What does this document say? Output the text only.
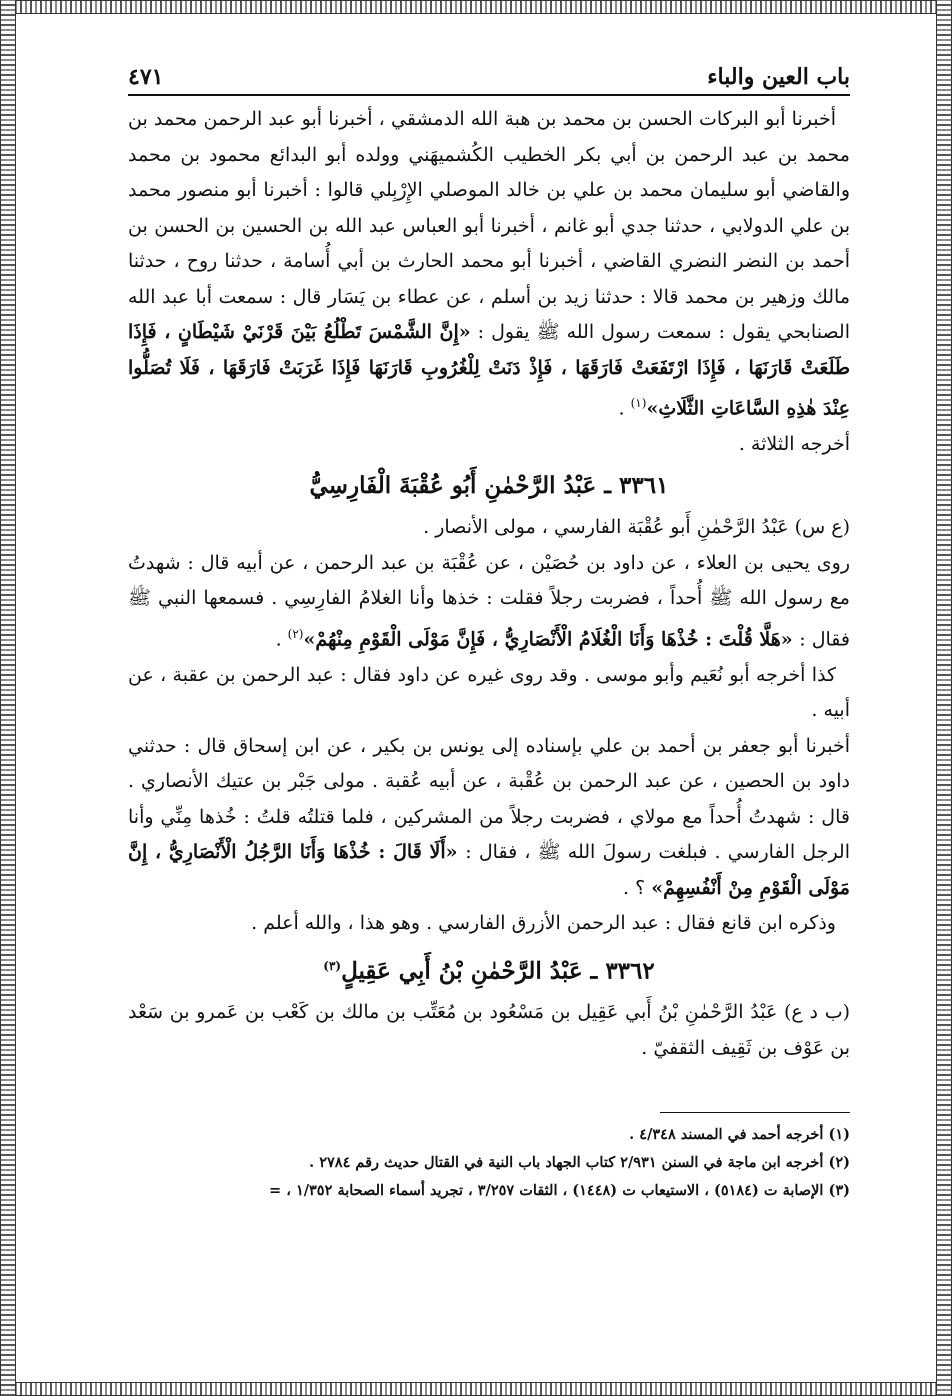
باب العين والباء
٤٧١

أخبرنا أبو البركات الحسن بن محمد بن هبة الله الدمشقي ، أخبرنا أبو عبد الرحمن محمد بن محمد بن عبد الرحمن بن أبي بكر الخطيب الكُشميهَني وولده أبو البدائع محمود بن محمد والقاضي أبو سليمان محمد بن علي بن خالد الموصلي الإِرْبِلي قالوا : أخبرنا أبو منصور محمد بن علي الدولابي ، حدثنا جدي أبو غانم ، أخبرنا أبو العباس عبد الله بن الحسين بن الحسن بن أحمد بن النضر النضري القاضي ، أخبرنا أبو محمد الحارث بن أبي أُسامة ، حدثنا روح ، حدثنا مالك وزهير بن محمد قالا : حدثنا زيد بن أسلم ، عن عطاء بن يَسَار قال : سمعت أبا عبد الله الصنابحي يقول : سمعت رسول الله ﷺ يقول : «إِنَّ الشَّمْسَ تَطْلُعُ بَيْنَ قَرْنَيْ شَيْطَانٍ ، فَإِذَا طَلَعَتْ قَارَنَهَا ، فَإِذَا ارْتَفَعَتْ فَارَقَهَا ، فَإِذْ دَنَتْ لِلْغُرُوبِ قَارَنَهَا فَإِذَا غَرَبَتْ فَارَقَهَا ، فَلَا تُصَلُّوا عِنْدَ هٰذِهِ السَّاعَاتِ الثَّلَاثِ»$^{(١)}$ .

أخرجه الثلاثة .

٣٣٦١ ـ عَبْدُ الرَّحْمٰنِ أَبُو عُقْبَةَ الْفَارِسِيُّ

(ع س) عَبْدُ الرَّحْمٰنِ أَبو عُقْبَة الفارسي ، مولى الأنصار .

روى يحيى بن العلاء ، عن داود بن حُصَيْن ، عن عُقْبَة بن عبد الرحمن ، عن أبيه قال : شهدتُ مع رسول الله ﷺ أُحداً ، فضربت رجلاً فقلت : خذها وأنا الغلامُ الفارِسِي . فسمعها النبي ﷺ فقال : «هَلَّا قُلْتَ : خُذْهَا وَأَنَا الْغُلَامُ الْأَنْصَارِيُّ ، فَإِنَّ مَوْلَى الْقَوْمِ مِنْهُمْ»$^{(٢)}$ .

كذا أخرجه أبو نُعَيم وأبو موسى . وقد روى غيره عن داود فقال : عبد الرحمن بن عقبة ، عن أبيه .

أخبرنا أبو جعفر بن أحمد بن علي بإسناده إلى يونس بن بكير ، عن ابن إسحاق قال : حدثني داود بن الحصين ، عن عبد الرحمن بن عُقْبة ، عن أبيه عُقبة . مولى جَبْر بن عتيك الأنصاري . قال : شهدتُ أُحداً مع مولاي ، فضربت رجلاً من المشركين ، فلما قتلتُه قلتُ : خُذها مِنِّي وأنا الرجل الفارسي . فبلغت رسولَ الله ﷺ ، فقال : «أَلَا قَالَ : خُذْهَا وَأَنَا الرَّجُلُ الْأَنْصَارِيُّ ، إِنَّ مَوْلَى الْقَوْمِ مِنْ أَنْفُسِهِمْ» ؟ .

وذكره ابن قانع فقال : عبد الرحمن الأزرق الفارسي . وهو هذا ، والله أعلم .

٣٣٦٢ ـ عَبْدُ الرَّحْمٰنِ بْنُ أَبِي عَقِيلٍ$^{(٣)}$

(ب د ع) عَبْدُ الرَّحْمٰنِ بْنُ أَبي عَقِيل بن مَسْعُود بن مُعَتِّب بن مالك بن كَعْب بن عَمرو بن سَعْد بن عَوْف بن ثَقِيف الثقفيّ .

(١) أخرجه أحمد في المسند ٤/٣٤٨ .

(٢) أخرجه ابن ماجة في السنن ٢/٩٣١ كتاب الجهاد باب النية في القتال حديث رقم ٢٧٨٤ .

(٣) الإصابة ت (٥١٨٤) ، الاستيعاب ت (١٤٤٨) ، الثقات ٣/٢٥٧ ، تجريد أسماء الصحابة ١/٣٥٢ ، =
